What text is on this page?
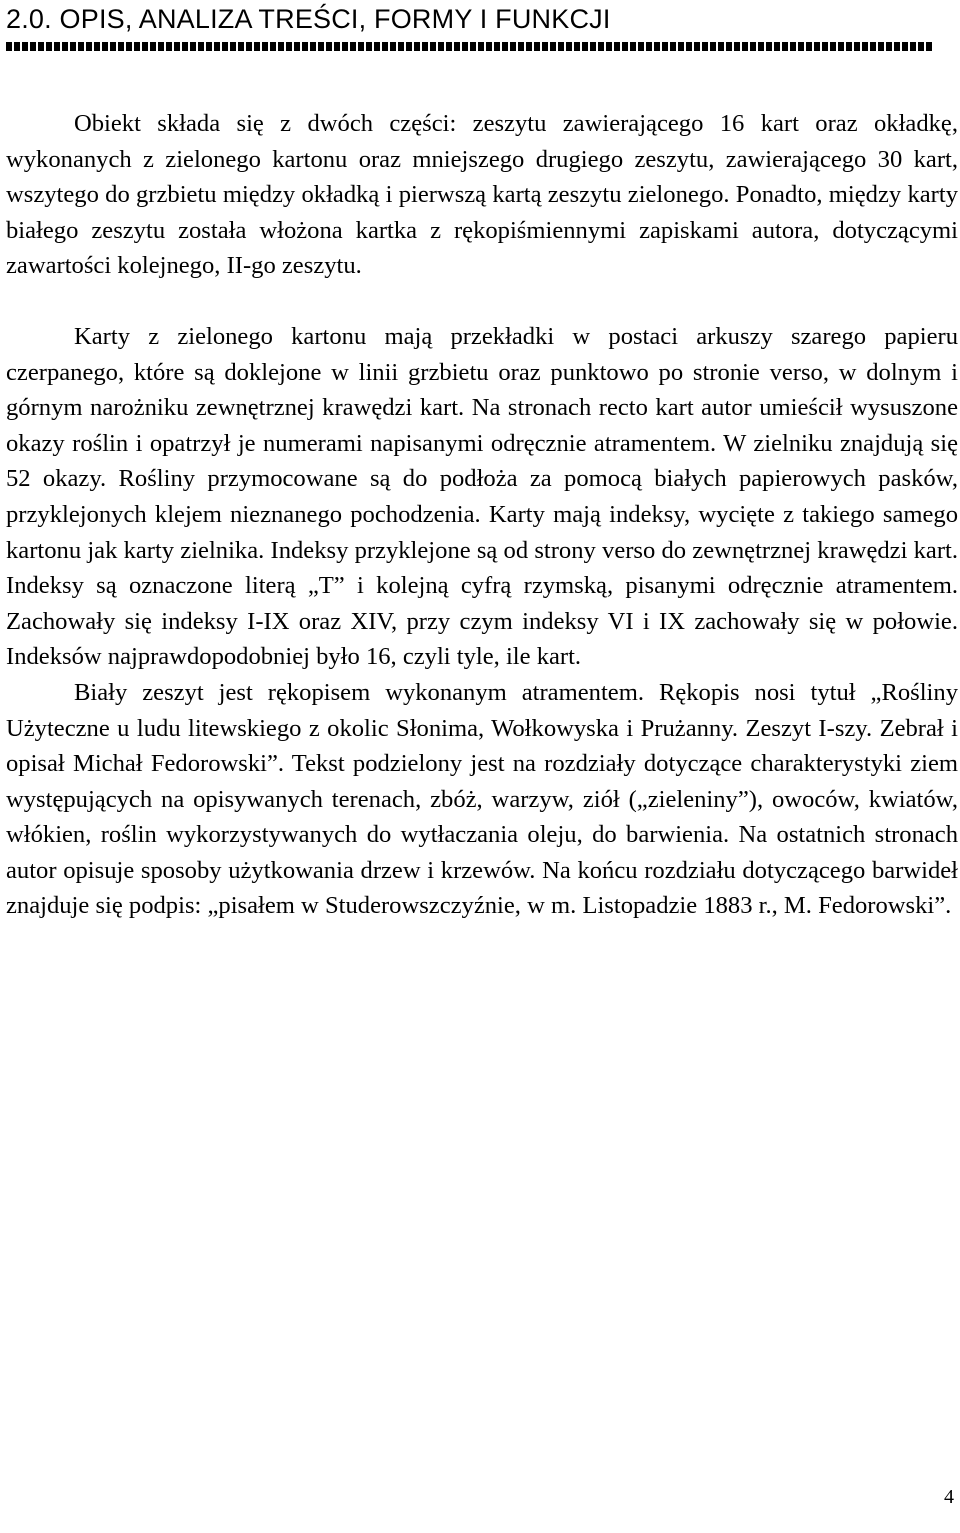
2.0. OPIS, ANALIZA TREŚCI, FORMY I FUNKCJI

Obiekt składa się z dwóch części: zeszytu zawierającego 16 kart oraz okładkę, wykonanych z zielonego kartonu oraz mniejszego drugiego zeszytu, zawierającego 30 kart, wszytego do grzbietu między okładką i pierwszą kartą zeszytu zielonego. Ponadto, między karty białego zeszytu została włożona kartka z rękopiśmiennymi zapiskami autora, dotyczącymi zawartości kolejnego, II-go zeszytu.

Karty z zielonego kartonu mają przekładki w postaci arkuszy szarego papieru czerpanego, które są doklejone w linii grzbietu oraz punktowo po stronie verso, w dolnym i górnym narożniku zewnętrznej krawędzi kart. Na stronach recto kart autor umieścił wysuszone okazy roślin i opatrzył je numerami napisanymi odręcznie atramentem. W zielniku znajdują się 52 okazy. Rośliny przymocowane są do podłoża za pomocą białych papierowych pasków, przyklejonych klejem nieznanego pochodzenia. Karty mają indeksy, wycięte z takiego samego kartonu jak karty zielnika. Indeksy przyklejone są od strony verso do zewnętrznej krawędzi kart. Indeksy są oznaczone literą „T” i kolejną cyfrą rzymską, pisanymi odręcznie atramentem. Zachowały się indeksy I-IX oraz XIV, przy czym indeksy VI i IX zachowały się w połowie. Indeksów najprawdopodobniej było 16, czyli tyle, ile kart.

Biały zeszyt jest rękopisem wykonanym atramentem. Rękopis nosi tytuł „Rośliny Użyteczne u ludu litewskiego z okolic Słonima, Wołkowyska i Prużanny. Zeszyt I-szy. Zebrał i opisał Michał Fedorowski”. Tekst podzielony jest na rozdziały dotyczące charakterystyki ziem występujących na opisywanych terenach, zbóż, warzyw, ziół („zieleniny”), owoców, kwiatów, włókien, roślin wykorzystywanych do wytłaczania oleju, do barwienia. Na ostatnich stronach autor opisuje sposoby użytkowania drzew i krzewów. Na końcu rozdziału dotyczącego barwideł znajduje się podpis: „pisałem w Studerowszczyźnie, w m. Listopadzie 1883 r., M. Fedorowski”.

4
